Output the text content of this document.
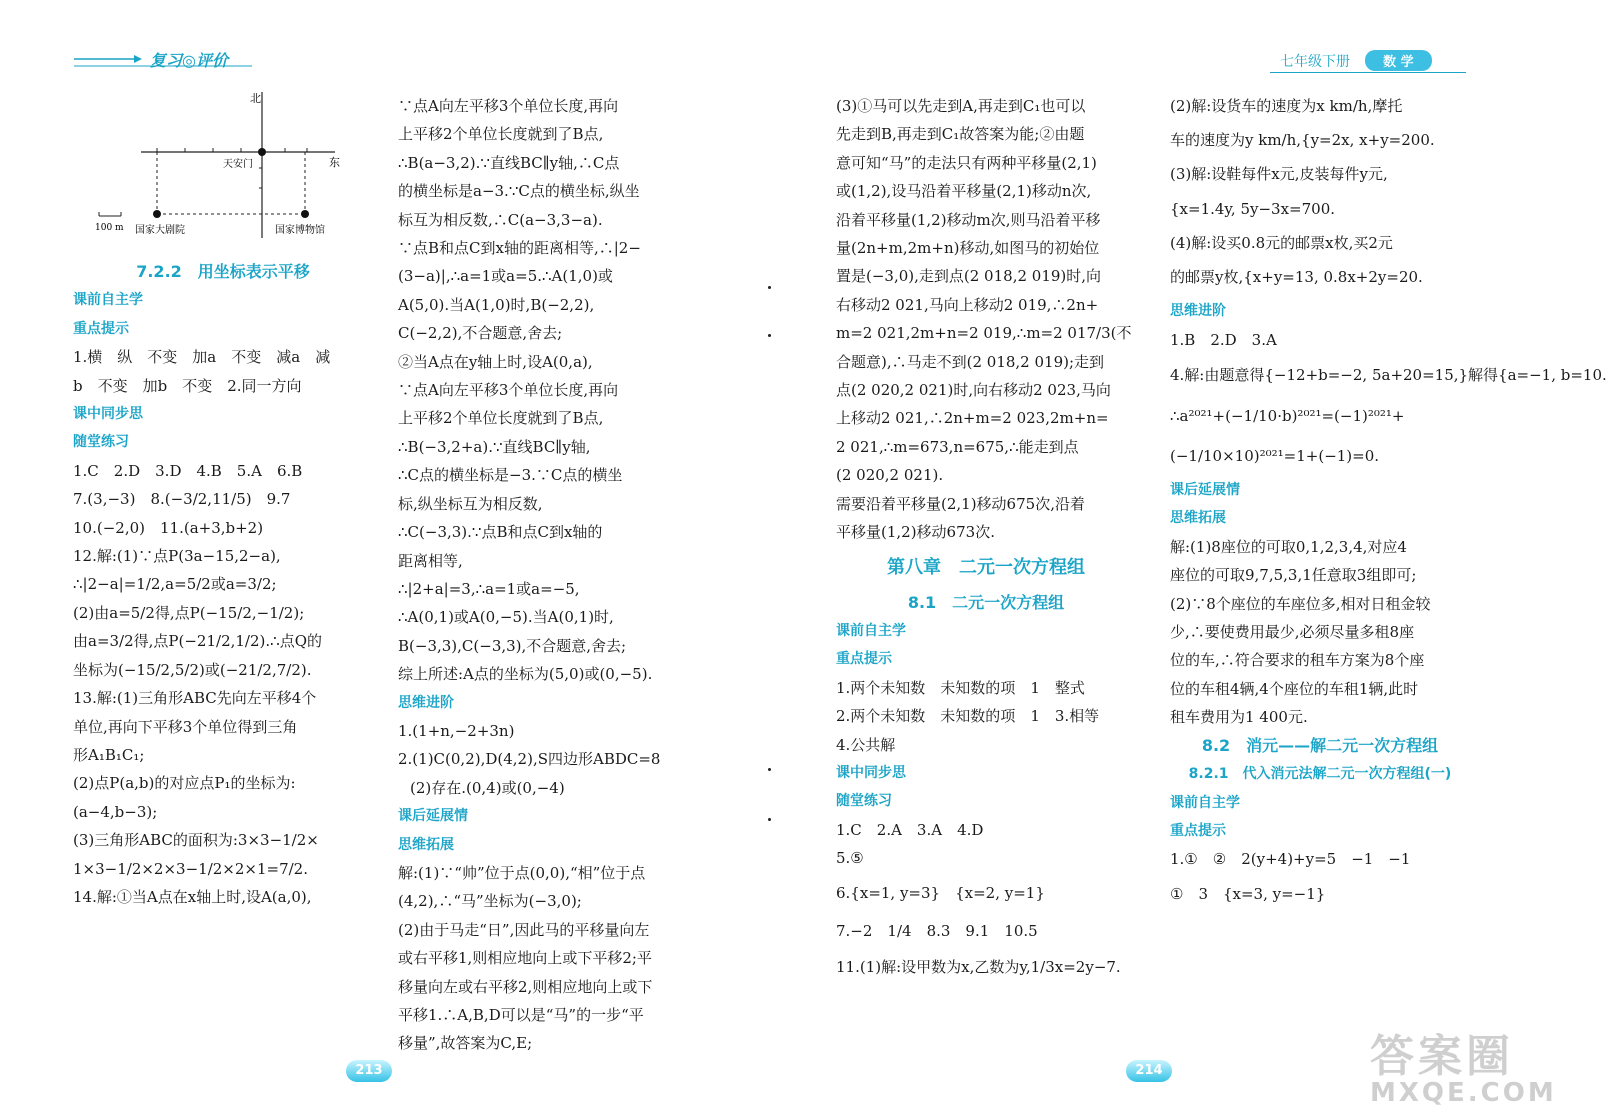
复习◎评价	七年级下册	数 学
北
东
天安门
100 m 国家大剧院	国家博物馆

7.2.2　用坐标表示平移

课前自主学

重点提示

1.横　纵　不变　加a　不变　减a　减

b　不变　加b　不变　2.同一方向

课中同步思

随堂练习

1.C　2.D　3.D　4.B　5.A　6.B

7.(3,−3)　8.(−3/2,11/5)　9.7

10.(−2,0)　11.(a+3,b+2)

12.解:(1)∵点P(3a−15,2−a),

∴|2−a|=1/2,a=5/2或a=3/2;

(2)由a=5/2得,点P(−15/2,−1/2);

由a=3/2得,点P(−21/2,1/2).∴点Q的

坐标为(−15/2,5/2)或(−21/2,7/2).

13.解:(1)三角形ABC先向左平移4个

单位,再向下平移3个单位得到三角

形A₁B₁C₁;

(2)点P(a,b)的对应点P₁的坐标为:

(a−4,b−3);

(3)三角形ABC的面积为:3×3−1/2×

1×3−1/2×2×3−1/2×2×1=7/2.

14.解:①当A点在x轴上时,设A(a,0),

∵点A向左平移3个单位长度,再向

上平移2个单位长度就到了B点,

∴B(a−3,2).∵直线BC∥y轴,∴C点

的横坐标是a−3.∵C点的横坐标,纵坐

标互为相反数,∴C(a−3,3−a).

∵点B和点C到x轴的距离相等,∴|2−

(3−a)|,∴a=1或a=5.∴A(1,0)或

A(5,0).当A(1,0)时,B(−2,2),

C(−2,2),不合题意,舍去;

②当A点在y轴上时,设A(0,a),

∵点A向左平移3个单位长度,再向

上平移2个单位长度就到了B点,

∴B(−3,2+a).∵直线BC∥y轴,

∴C点的横坐标是−3.∵C点的横坐

标,纵坐标互为相反数,

∴C(−3,3).∵点B和点C到x轴的

距离相等,

∴|2+a|=3,∴a=1或a=−5,

∴A(0,1)或A(0,−5).当A(0,1)时,

B(−3,3),C(−3,3),不合题意,舍去;

综上所述:A点的坐标为(5,0)或(0,−5).

思维进阶

1.(1+n,−2+3n)

2.(1)C(0,2),D(4,2),S四边形ABDC=8

(2)存在.(0,4)或(0,−4)

课后延展情

思维拓展

解:(1)∵“帅”位于点(0,0),“相”位于点

(4,2),∴“马”坐标为(−3,0);

(2)由于马走“日”,因此马的平移量向左

或右平移1,则相应地向上或下平移2;平

移量向左或右平移2,则相应地向上或下

平移1.∴A,B,D可以是“马”的一步“平

移量”,故答案为C,E;

(3)①马可以先走到A,再走到C₁也可以

先走到B,再走到C₁故答案为能;②由题

意可知“马”的走法只有两种平移量(2,1)

或(1,2),设马沿着平移量(2,1)移动n次,

沿着平移量(1,2)移动m次,则马沿着平移

量(2n+m,2m+n)移动,如图马的初始位

置是(−3,0),走到点(2 018,2 019)时,向

右移动2 021,马向上移动2 019,∴2n+

m=2 021,2m+n=2 019,∴m=2 017/3(不

合题意),∴马走不到(2 018,2 019);走到

点(2 020,2 021)时,向右移动2 023,马向

上移动2 021,∴2n+m=2 023,2m+n=

2 021,∴m=673,n=675,∴能走到点

(2 020,2 021).

需要沿着平移量(2,1)移动675次,沿着

平移量(1,2)移动673次.

第八章　二元一次方程组

8.1　二元一次方程组

课前自主学

重点提示

1.两个未知数　未知数的项　1　整式

2.两个未知数　未知数的项　1　3.相等

4.公共解

课中同步思

随堂练习

1.C　2.A　3.A　4.D

5.⑤

6.{x=1, y=3}　{x=2, y=1}

7.−2　1/4　8.3　9.1　10.5

11.(1)解:设甲数为x,乙数为y,1/3x=2y−7.

(2)解:设货车的速度为x km/h,摩托

车的速度为y km/h,{y=2x, x+y=200.

(3)解:设鞋每件x元,皮装每件y元,

{x=1.4y, 5y−3x=700.

(4)解:设买0.8元的邮票x枚,买2元

的邮票y枚,{x+y=13, 0.8x+2y=20.

思维进阶

1.B　2.D　3.A

4.解:由题意得{−12+b=−2, 5a+20=15,}解得{a=−1, b=10.

∴a²⁰²¹+(−1/10·b)²⁰²¹=(−1)²⁰²¹+

(−1/10×10)²⁰²¹=1+(−1)=0.

课后延展情

思维拓展

解:(1)8座位的可取0,1,2,3,4,对应4

座位的可取9,7,5,3,1任意取3组即可;

(2)∵8个座位的车座位多,相对日租金较

少,∴要使费用最少,必须尽量多租8座

位的车,∴符合要求的租车方案为8个座

位的车租4辆,4个座位的车租1辆,此时

租车费用为1 400元.

8.2　消元——解二元一次方程组

8.2.1　代入消元法解二元一次方程组(一)

课前自主学

重点提示

1.①　②　2(y+4)+y=5　−1　−1

①　3　{x=3, y=−1}

213	214	答案圈
MXQE.COM
